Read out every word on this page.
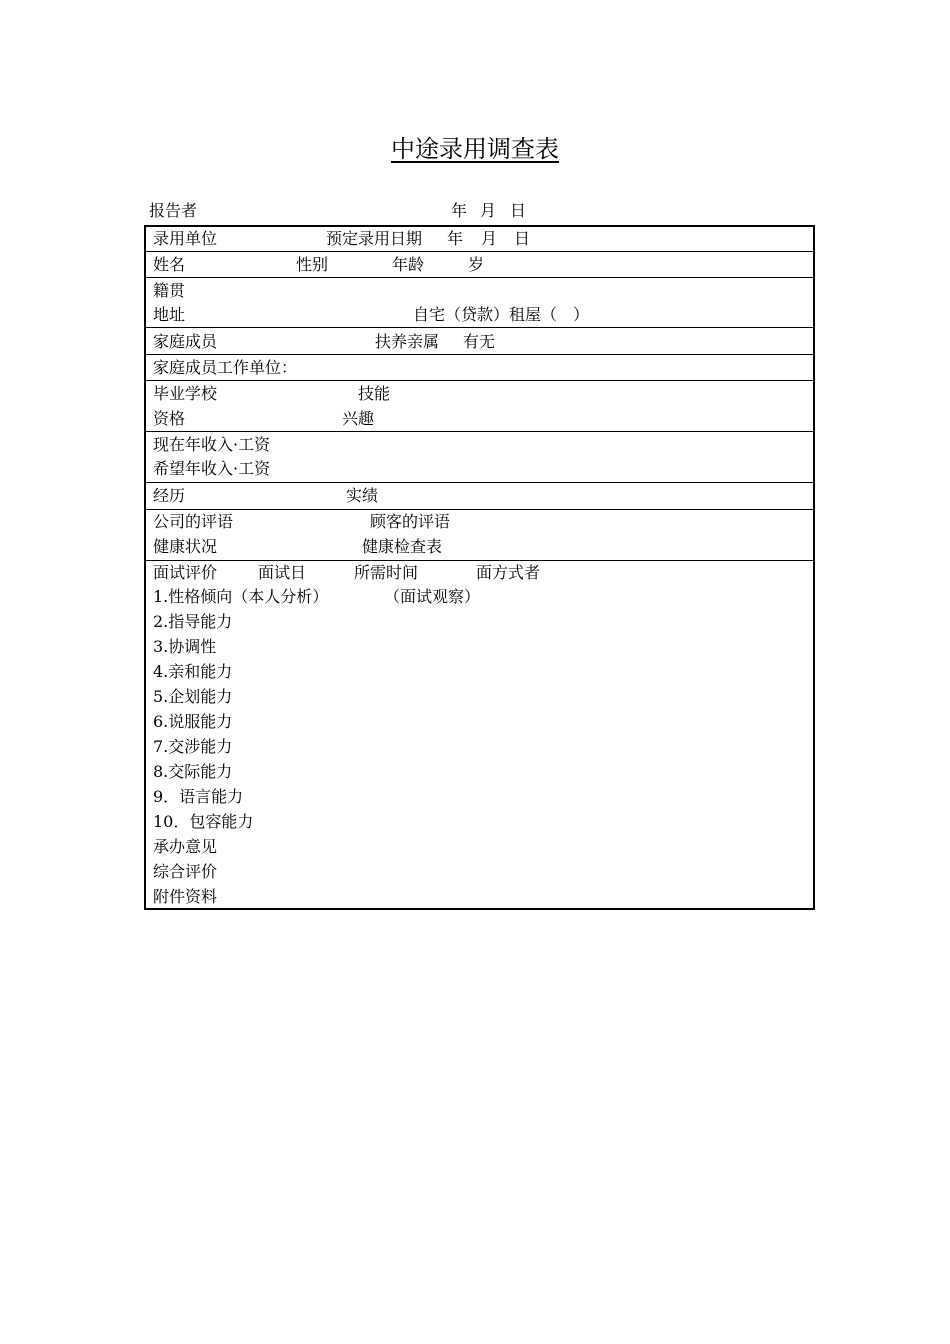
中途录用调查表
报告者	年 月 日
录用单位	预定录用日期 年 月 日
姓名	性别	年龄	岁
籍贯
地址	自宅（贷款）租屋（　）
家庭成员	扶养亲属 有无
家庭成员工作单位：
毕业学校	技能
资格	兴趣
现在年收入·工资
希望年收入·工资
经历	实绩
公司的评语	顾客的评语
健康状况	健康检查表
面试评价	面试日	所需时间	面方式者
1.性格倾向（本人分析）	（面试观察）
2.指导能力
3.协调性
4.亲和能力
5.企划能力
6.说服能力
7.交涉能力
8.交际能力
9．语言能力
10．包容能力
承办意见
综合评价
附件资料
